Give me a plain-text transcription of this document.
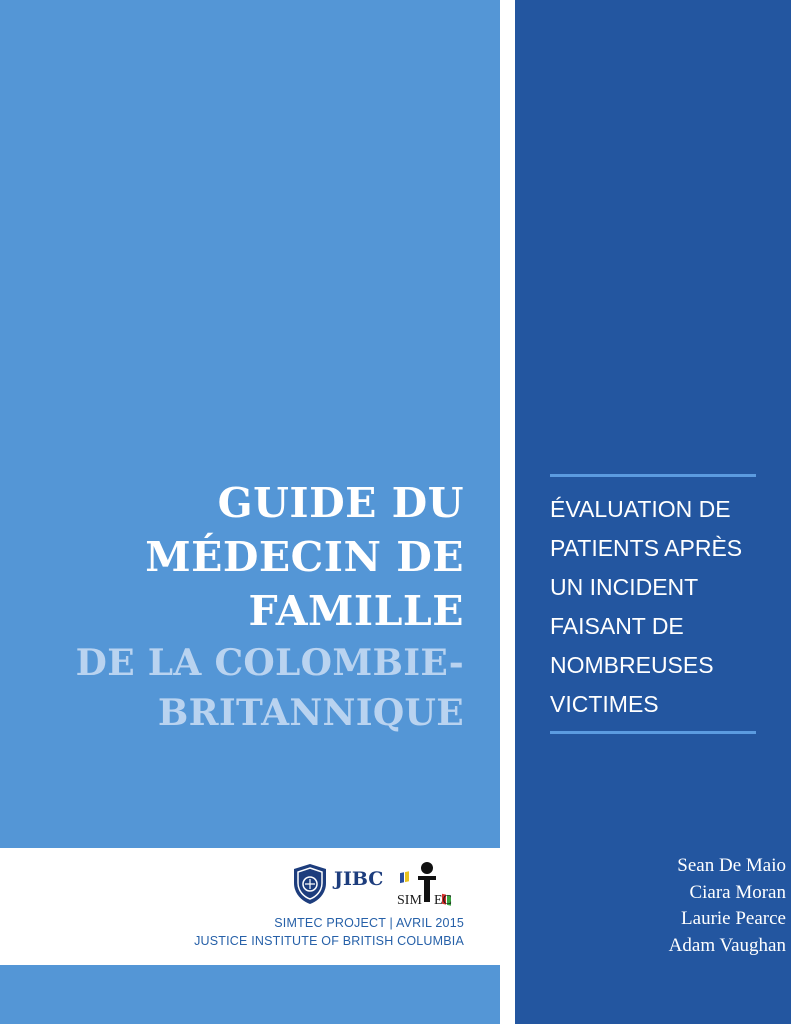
GUIDE DU
MÉDECIN DE
FAMILLE
DE LA COLOMBIE-
BRITANNIQUE
ÉVALUATION DE
PATIENTS APRÈS
UN INCIDENT
FAISANT DE
NOMBREUSES
VICTIMES
Sean De Maio
Ciara Moran
Laurie Pearce
Adam Vaughan
JIBC
SIM EC
SIMTEC PROJECT | AVRIL 2015
JUSTICE INSTITUTE OF BRITISH COLUMBIA
